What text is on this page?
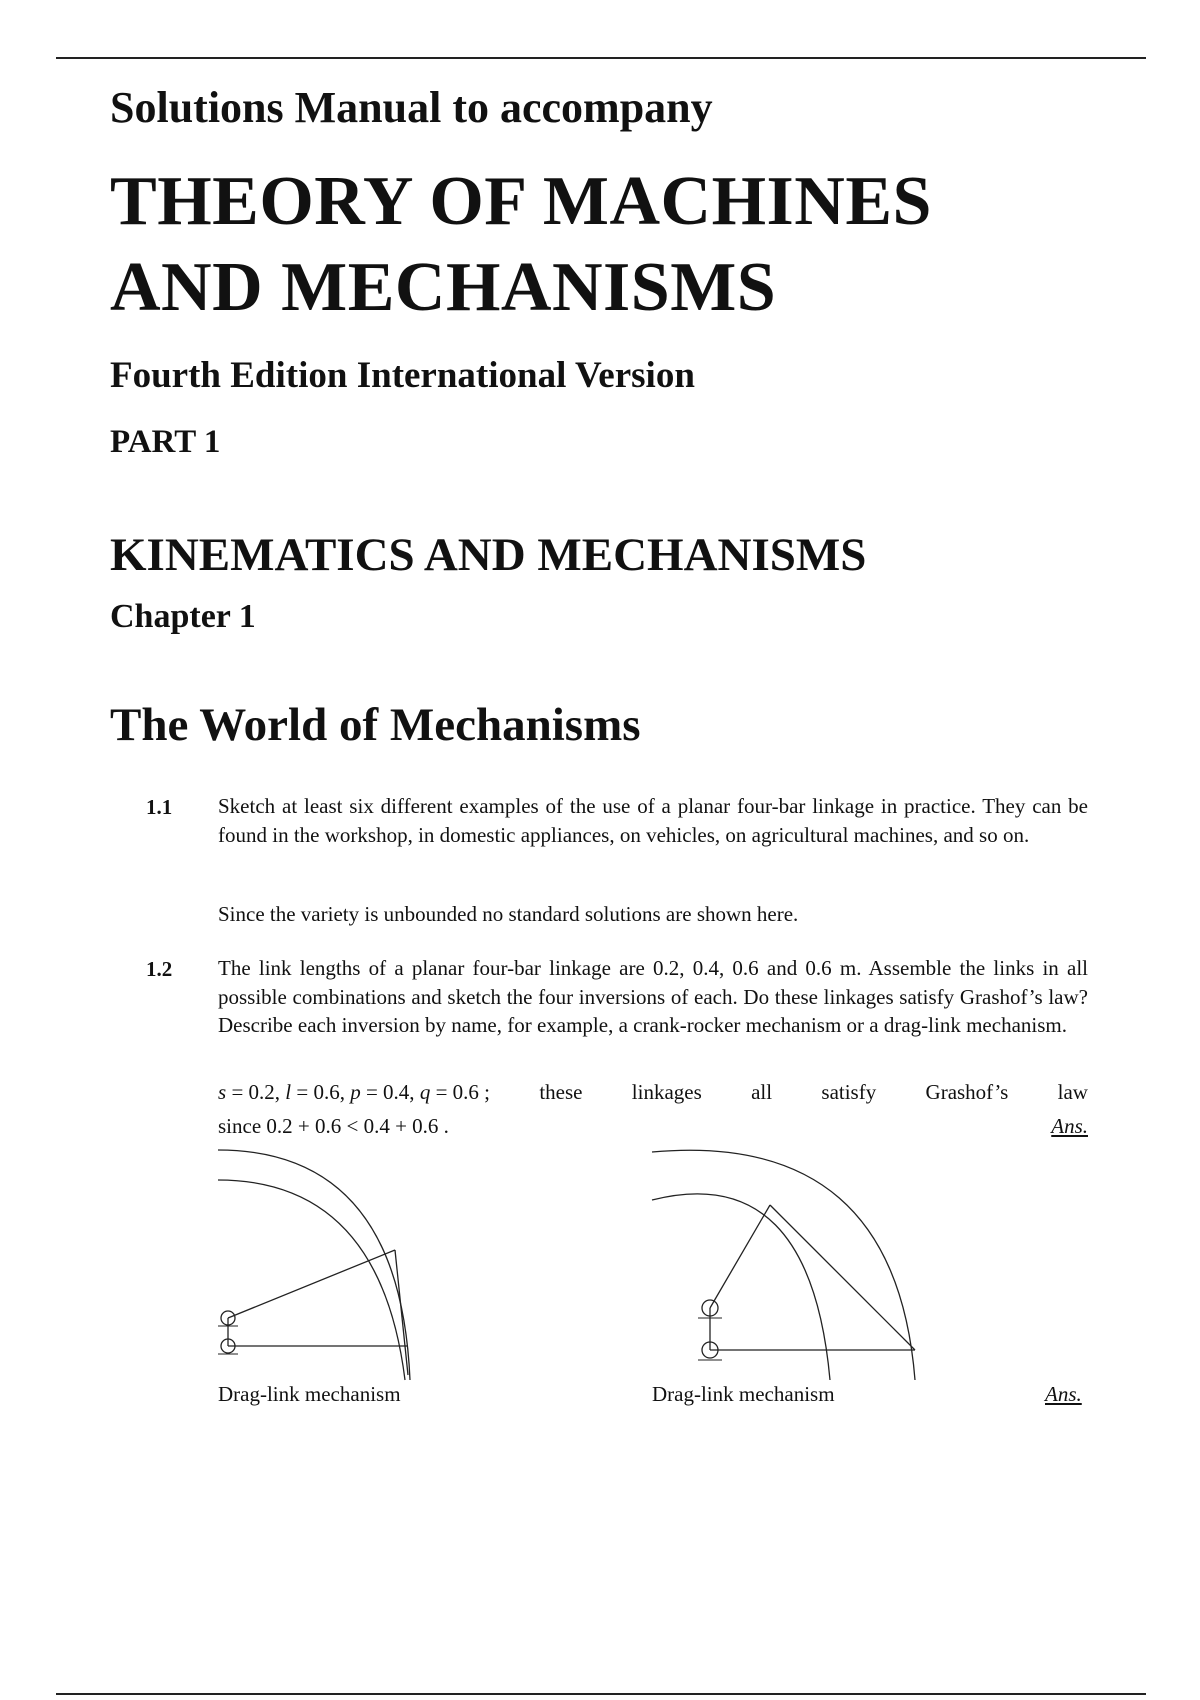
Solutions Manual to accompany
THEORY OF MACHINES
AND MECHANISMS
Fourth Edition International Version
PART 1
KINEMATICS AND MECHANISMS
Chapter 1
The World of Mechanisms
1.1 Sketch at least six different examples of the use of a planar four-bar linkage in practice. They can be found in the workshop, in domestic appliances, on vehicles, on agricultural machines, and so on.

Since the variety is unbounded no standard solutions are shown here.

1.2 The link lengths of a planar four-bar linkage are 0.2, 0.4, 0.6 and 0.6 m. Assemble the links in all possible combinations and sketch the four inversions of each. Do these linkages satisfy Grashof’s law? Describe each inversion by name, for example, a crank-rocker mechanism or a drag-link mechanism.

s = 0.2, l = 0.6, p = 0.4, q = 0.6 ; these linkages all satisfy Grashof’s law
since 0.2 + 0.6 < 0.4 + 0.6 .	Ans.
Drag-link mechanism	Drag-link mechanism	Ans.
